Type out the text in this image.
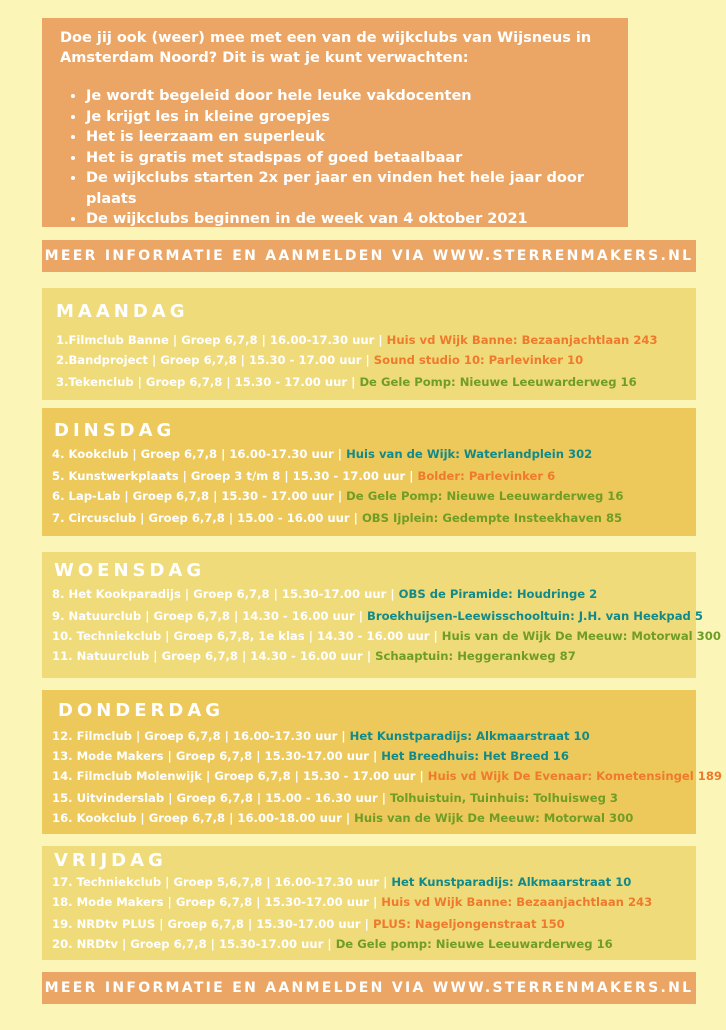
Doe jij ook (weer) mee met een van de wijkclubs van Wijsneus in Amsterdam Noord? Dit is wat je kunt verwachten:

• Je wordt begeleid door hele leuke vakdocenten
• Je krijgt les in kleine groepjes
• Het is leerzaam en superleuk
• Het is gratis met stadspas of goed betaalbaar
• De wijkclubs starten 2x per jaar en vinden het hele jaar door plaats
• De wijkclubs beginnen in de week van 4 oktober 2021
MEER INFORMATIE EN AANMELDEN VIA WWW.STERRENMAKERS.NL
MAANDAG
1.Filmclub Banne | Groep 6,7,8 | 16.00-17.30 uur | Huis vd Wijk Banne: Bezaanjachtlaan 243
2.Bandproject | Groep 6,7,8 | 15.30 - 17.00 uur | Sound studio 10: Parlevinker 10
3.Tekenclub | Groep 6,7,8 | 15.30 - 17.00 uur | De Gele Pomp: Nieuwe Leeuwarderweg 16
DINSDAG
4. Kookclub | Groep 6,7,8 | 16.00-17.30 uur | Huis van de Wijk: Waterlandplein 302
5. Kunstwerkplaats | Groep 3 t/m 8 | 15.30 - 17.00 uur | Bolder: Parlevinker 6
6. Lap-Lab | Groep 6,7,8 | 15.30 - 17.00 uur | De Gele Pomp: Nieuwe Leeuwarderweg 16
7. Circusclub | Groep 6,7,8 | 15.00 - 16.00 uur | OBS Ijplein: Gedempte Insteekhaven 85
WOENSDAG
8. Het Kookparadijs | Groep 6,7,8 | 15.30-17.00 uur | OBS de Piramide: Houdringe 2
9. Natuurclub | Groep 6,7,8 | 14.30 - 16.00 uur | Broekhuijsen-Leewisschooltuin: J.H. van Heekpad 5
10. Techniekclub | Groep 6,7,8, 1e klas | 14.30 - 16.00 uur | Huis van de Wijk De Meeuw: Motorwal 300
11. Natuurclub | Groep 6,7,8 | 14.30 - 16.00 uur | Schaaptuin: Heggerankweg 87
DONDERDAG
12. Filmclub | Groep 6,7,8 | 16.00-17.30 uur | Het Kunstparadijs: Alkmaarstraat 10
13. Mode Makers | Groep 6,7,8 | 15.30-17.00 uur | Het Breedhuis: Het Breed 16
14. Filmclub Molenwijk | Groep 6,7,8 | 15.30 - 17.00 uur | Huis vd Wijk De Evenaar: Kometensingel 189
15. Uitvinderslab | Groep 6,7,8 | 15.00 - 16.30 uur | Tolhuistuin, Tuinhuis: Tolhuisweg 3
16. Kookclub | Groep 6,7,8 | 16.00-18.00 uur | Huis van de Wijk De Meeuw: Motorwal 300
VRIJDAG
17. Techniekclub | Groep 5,6,7,8 | 16.00-17.30 uur | Het Kunstparadijs: Alkmaarstraat 10
18. Mode Makers | Groep 6,7,8 | 15.30-17.00 uur | Huis vd Wijk Banne: Bezaanjachtlaan 243
19. NRDtv PLUS | Groep 6,7,8 | 15.30-17.00 uur | PLUS: Nageljongenstraat 150
20. NRDtv | Groep 6,7,8 | 15.30-17.00 uur | De Gele pomp: Nieuwe Leeuwarderweg 16
MEER INFORMATIE EN AANMELDEN VIA WWW.STERRENMAKERS.NL
